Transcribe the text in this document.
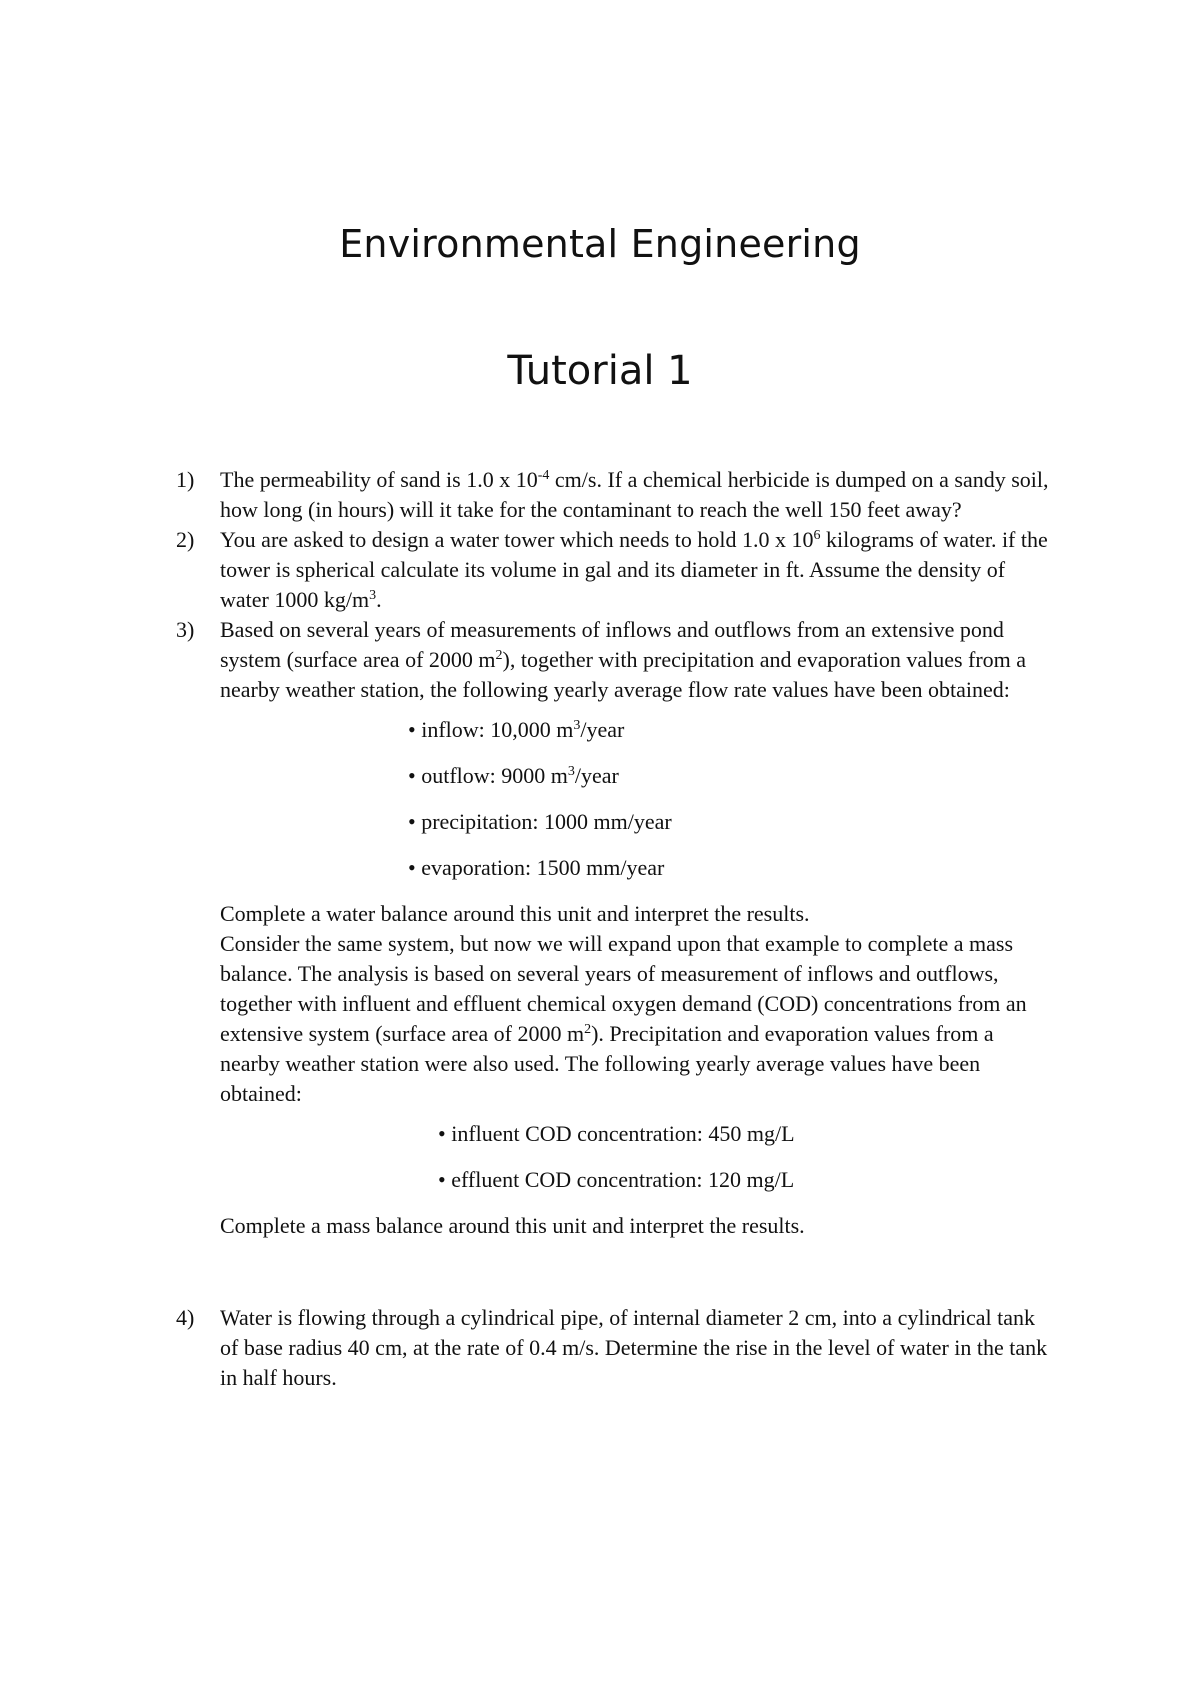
Environmental Engineering
Tutorial 1
1) The permeability of sand is 1.0 x $10^{-4}$ cm/s. If a chemical herbicide is dumped on a sandy soil, how long (in hours) will it take for the contaminant to reach the well 150 feet away?

2) You are asked to design a water tower which needs to hold 1.0 x $10^6$ kilograms of water. if the tower is spherical calculate its volume in gal and its diameter in ft. Assume the density of water 1000 $kg/m^3$.

3) Based on several years of measurements of inflows and outflows from an extensive pond system (surface area of 2000 $m^2$), together with precipitation and evaporation values from a nearby weather station, the following yearly average flow rate values have been obtained:

• inflow: 10,000 $m^3$/year
• outflow: 9000 $m^3$/year
• precipitation: 1000 mm/year
• evaporation: 1500 mm/year

Complete a water balance around this unit and interpret the results.

Consider the same system, but now we will expand upon that example to complete a mass balance. The analysis is based on several years of measurement of inflows and outflows, together with influent and effluent chemical oxygen demand (COD) concentrations from an extensive system (surface area of 2000 $m^2$). Precipitation and evaporation values from a nearby weather station were also used. The following yearly average values have been obtained:

• influent COD concentration: 450 mg/L
• effluent COD concentration: 120 mg/L

Complete a mass balance around this unit and interpret the results.

4) Water is flowing through a cylindrical pipe, of internal diameter 2 cm, into a cylindrical tank of base radius 40 cm, at the rate of 0.4 m/s. Determine the rise in the level of water in the tank in half hours.
